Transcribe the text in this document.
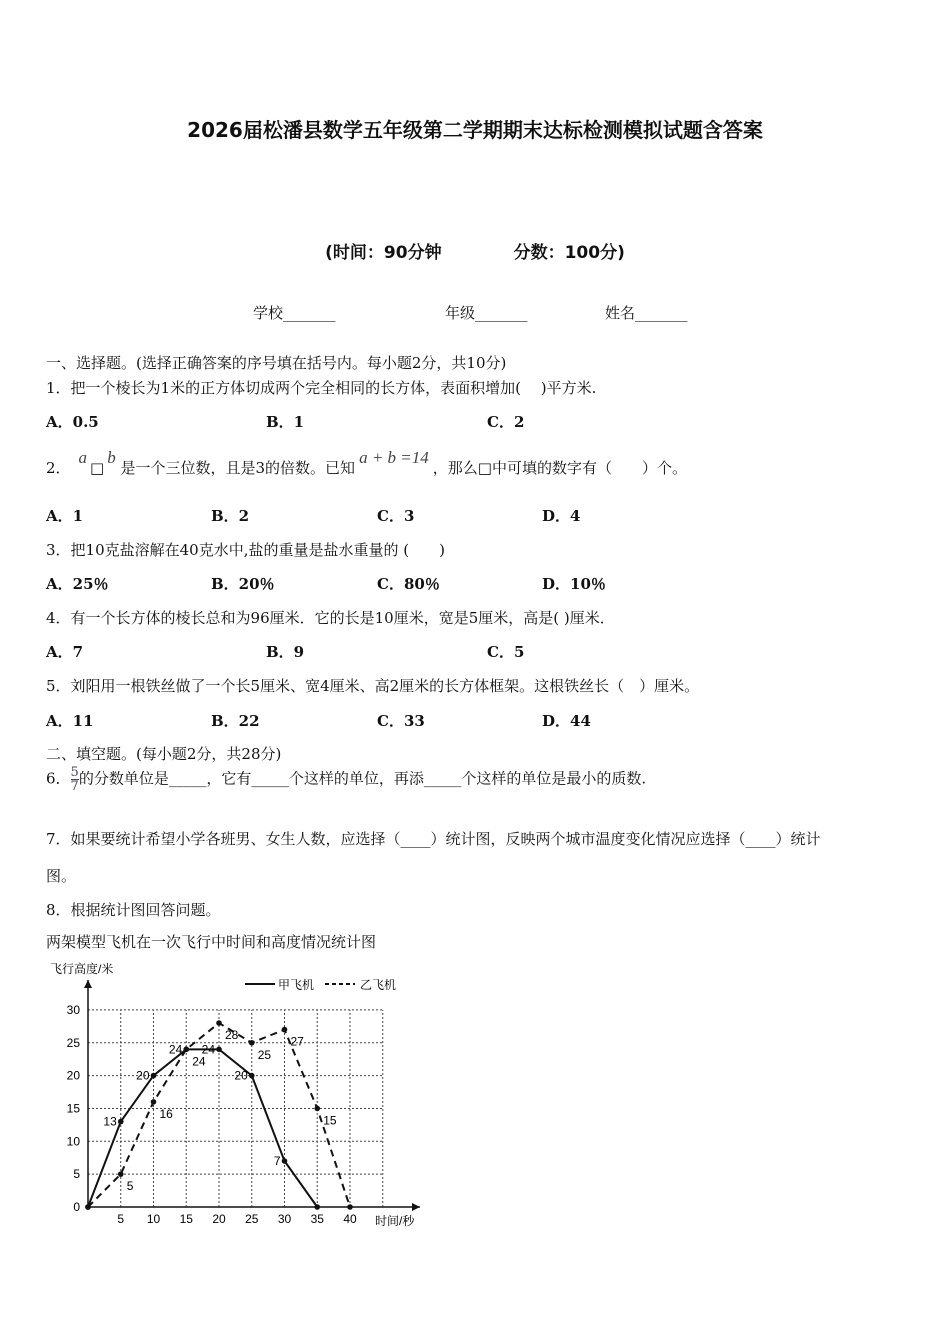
2026届松潘县数学五年级第二学期期末达标检测模拟试题含答案
(时间：90分钟	分数：100分)
学校_______	年级_______	姓名_______
一、选择题。(选择正确答案的序号填在括号内。每小题2分，共10分)
1．把一个棱长为1米的正方体切成两个完全相同的长方体，表面积增加(　 )平方米.
A．0.5	B．1	C．2
2．a□b 是一个三位数，且是3的倍数。已知a + b =14，那么□中可填的数字有（　　）个。
A．1	B．2	C．3	D．4
3．把10克盐溶解在40克水中,盐的重量是盐水重量的 (　　)
A．25％	B．20％	C．80％	D．10％
4．有一个长方体的棱长总和为96厘米．它的长是10厘米，宽是5厘米，高是( )厘米．
A．7	B．9	C．5
5．刘阳用一根铁丝做了一个长5厘米、宽4厘米、高2厘米的长方体框架。这根铁丝长（　）厘米。
A．11	B．22	C．33	D．44
二、填空题。(每小题2分，共28分)
6． $\frac{5}{7}$ 的分数单位是_____，它有_____个这样的单位，再添_____个这样的单位是最小的质数.
7．如果要统计希望小学各班男、女生人数，应选择（____）统计图，反映两个城市温度变化情况应选择（____）统计
图。
8．根据统计图回答问题。
两架模型飞机在一次飞行中时间和高度情况统计图
飞行高度/米
时间/秒
甲飞机	乙飞机
0
5
10
15
20
25
30
5 10 15 20 25 30 35 40
13
20
24 24
20
7
5
16
24
28
25
27
15
